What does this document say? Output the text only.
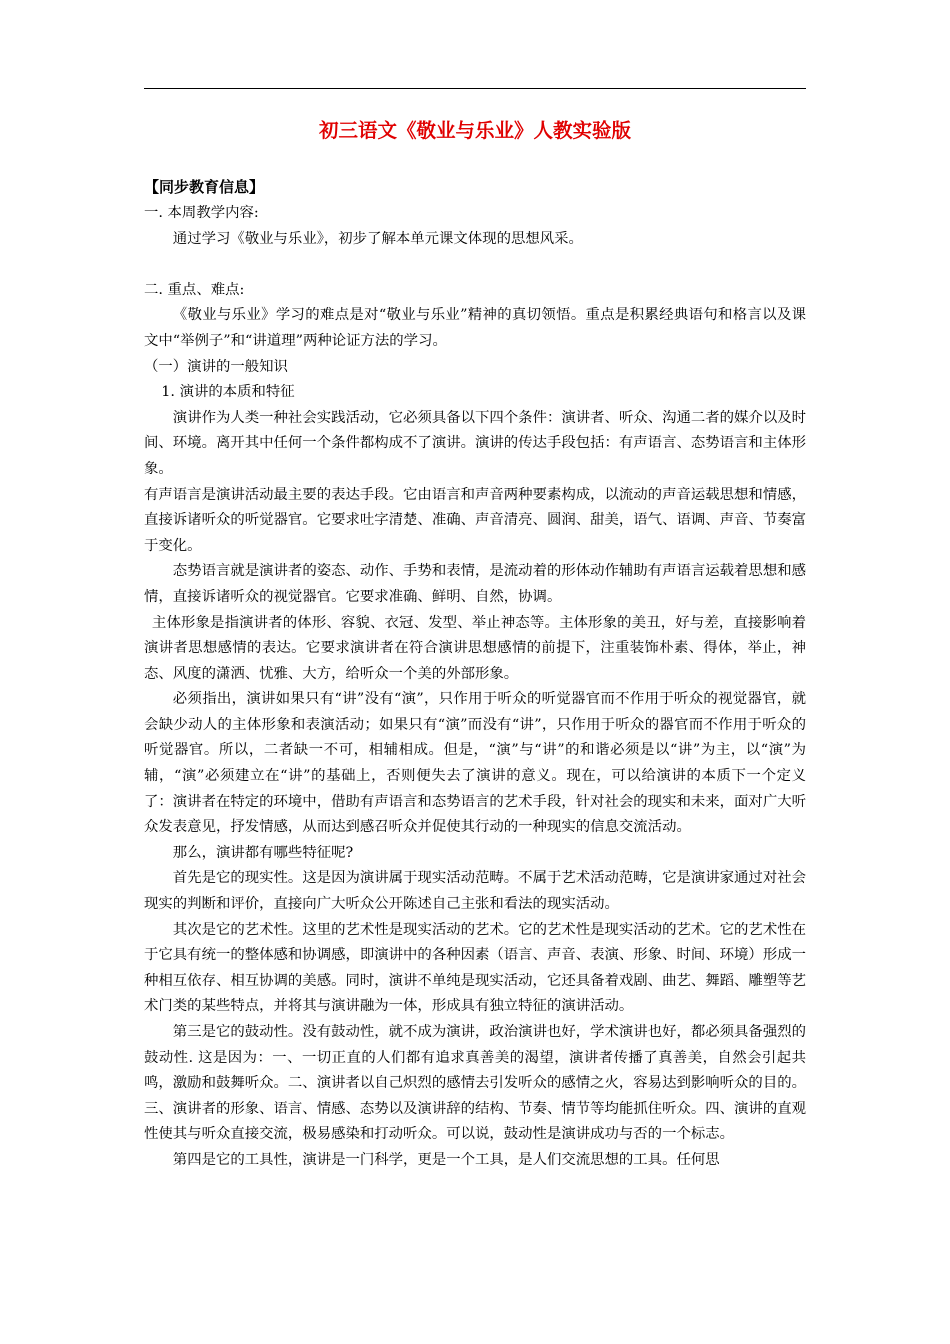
初三语文《敬业与乐业》人教实验版

【同步教育信息】

一. 本周教学内容:

通过学习《敬业与乐业》，初步了解本单元课文体现的思想风采。

二. 重点、难点:

《敬业与乐业》学习的难点是对“敬业与乐业”精神的真切领悟。重点是积累经典语句和格言以及课文中“举例子”和“讲道理”两种论证方法的学习。

（一）演讲的一般知识

1. 演讲的本质和特征

演讲作为人类一种社会实践活动，它必须具备以下四个条件：演讲者、听众、沟通二者的媒介以及时间、环境。离开其中任何一个条件都构成不了演讲。演讲的传达手段包括：有声语言、态势语言和主体形象。

有声语言是演讲活动最主要的表达手段。它由语言和声音两种要素构成，以流动的声音运载思想和情感，直接诉诸听众的听觉器官。它要求吐字清楚、准确、声音清亮、圆润、甜美，语气、语调、声音、节奏富于变化。

态势语言就是演讲者的姿态、动作、手势和表情，是流动着的形体动作辅助有声语言运载着思想和感情，直接诉诸听众的视觉器官。它要求准确、鲜明、自然，协调。

主体形象是指演讲者的体形、容貌、衣冠、发型、举止神态等。主体形象的美丑，好与差，直接影响着演讲者思想感情的表达。它要求演讲者在符合演讲思想感情的前提下，注重装饰朴素、得体，举止，神态、风度的潇洒、忧雅、大方，给听众一个美的外部形象。

必须指出，演讲如果只有“讲”没有“演”，只作用于听众的听觉器官而不作用于听众的视觉器官，就会缺少动人的主体形象和表演活动；如果只有“演”而没有“讲”，只作用于听众的器官而不作用于听众的听觉器官。所以，二者缺一不可，相辅相成。但是，“演”与“讲”的和谐必须是以“讲”为主，以“演”为辅，“演”必须建立在“讲”的基础上，否则便失去了演讲的意义。现在，可以给演讲的本质下一个定义了：演讲者在特定的环境中，借助有声语言和态势语言的艺术手段，针对社会的现实和未来，面对广大听众发表意见，抒发情感，从而达到感召听众并促使其行动的一种现实的信息交流活动。

那么，演讲都有哪些特征呢?

首先是它的现实性。这是因为演讲属于现实活动范畴。不属于艺术活动范畴，它是演讲家通过对社会现实的判断和评价，直接向广大听众公开陈述自己主张和看法的现实活动。

其次是它的艺术性。这里的艺术性是现实活动的艺术。它的艺术性是现实活动的艺术。它的艺术性在于它具有统一的整体感和协调感，即演讲中的各种因素（语言、声音、表演、形象、时间、环境）形成一种相互依存、相互协调的美感。同时，演讲不单纯是现实活动，它还具备着戏剧、曲艺、舞蹈、雕塑等艺术门类的某些特点，并将其与演讲融为一体，形成具有独立特征的演讲活动。

第三是它的鼓动性。没有鼓动性，就不成为演讲，政治演讲也好，学术演讲也好，都必须具备强烈的鼓动性. 这是因为：一、一切正直的人们都有追求真善美的渴望，演讲者传播了真善美，自然会引起共鸣，激励和鼓舞听众。二、演讲者以自己炽烈的感情去引发听众的感情之火，容易达到影响听众的目的。三、演讲者的形象、语言、情感、态势以及演讲辞的结构、节奏、情节等均能抓住听众。四、演讲的直观性使其与听众直接交流，极易感染和打动听众。可以说，鼓动性是演讲成功与否的一个标志。

第四是它的工具性，演讲是一门科学，更是一个工具，是人们交流思想的工具。任何思
